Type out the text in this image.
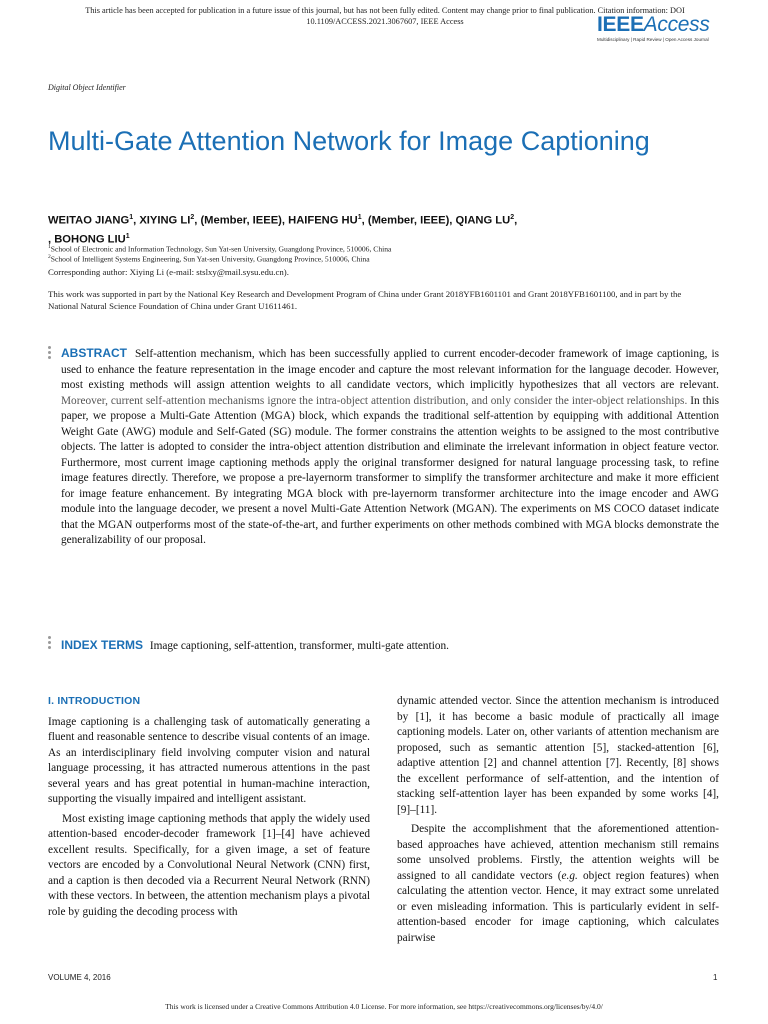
This article has been accepted for publication in a future issue of this journal, but has not been fully edited. Content may change prior to final publication. Citation information: DOI
10.1109/ACCESS.2021.3067607, IEEE Access	IEEEAccess
Multidisciplinary | Rapid Review | Open Access Journal
Digital Object Identifier
Multi-Gate Attention Network for Image Captioning
WEITAO JIANG$^1$, XIYING $LI^2$, (Member, IEEE), HAIFENG $HU^1$, (Member, IEEE), QIANG $LU^2$,
, BOHONG LIU$^1$
$^1$School of Electronic and Information Technology, Sun Yat-sen University, Guangdong Province, 510006, China
$^2$School of Intelligent Systems Engineering, Sun Yat-sen University, Guangdong Province, 510006, China
Corresponding author: Xiying Li (e-mail: stslxy@mail.sysu.edu.cn).
This work was supported in part by the National Key Research and Development Program of China under Grant 2018YFB1601101 and Grant 2018YFB1601100, and in part by the National Natural Science Foundation of China under Grant U1611461.
ABSTRACT Self-attention mechanism, which has been successfully applied to current encoder-decoder framework of image captioning, is used to enhance the feature representation in the image encoder and capture the most relevant information for the language decoder. However, most existing methods will assign attention weights to all candidate vectors, which implicitly hypothesizes that all vectors are relevant. Moreover, current self-attention mechanisms ignore the intra-object attention distribution, and only consider the inter-object relationships. In this paper, we propose a Multi-Gate Attention (MGA) block, which expands the traditional self-attention by equipping with additional Attention Weight Gate (AWG) module and Self-Gated (SG) module. The former constrains the attention weights to be assigned to the most contributive objects. The latter is adopted to consider the intra-object attention distribution and eliminate the irrelevant information in object feature vector. Furthermore, most current image captioning methods apply the original transformer designed for natural language processing task, to refine image features directly. Therefore, we propose a pre-layernorm transformer to simplify the transformer architecture and make it more efficient for image feature enhancement. By integrating MGA block with pre-layernorm transformer architecture into the image encoder and AWG module into the language decoder, we present a novel Multi-Gate Attention Network (MGAN). The experiments on MS COCO dataset indicate that the MGAN outperforms most of the state-of-the-art, and further experiments on other methods combined with MGA blocks demonstrate the generalizability of our proposal.
INDEX TERMS Image captioning, self-attention, transformer, multi-gate attention.
I. INTRODUCTION

Image captioning is a challenging task of automatically generating a fluent and reasonable sentence to describe visual contents of an image. As an interdisciplinary field involving computer vision and natural language processing, it has attracted numerous attentions in the past several years and has great potential in human-machine interaction, supporting the visually impaired and intelligent assistant.

Most existing image captioning methods that apply the widely used attention-based encoder-decoder framework [1]–[4] have achieved excellent results. Specifically, for a given image, a set of feature vectors are encoded by a Convolutional Neural Network (CNN) first, and a caption is then decoded via a Recurrent Neural Network (RNN) with these vectors. In between, the attention mechanism plays a pivotal role by guiding the decoding process with

dynamic attended vector. Since the attention mechanism is introduced by [1], it has become a basic module of practically all image captioning models. Later on, other variants of attention mechanism are proposed, such as semantic attention [5], stacked-attention [6], adaptive attention [2] and channel attention [7]. Recently, [8] shows the excellent performance of self-attention, and the intention of stacking self-attention layer has been expanded by some works [4], [9]–[11].

Despite the accomplishment that the aforementioned attention-based approaches have achieved, attention mechanism still remains some unsolved problems. Firstly, the attention weights will be assigned to all candidate vectors (e.g. object region features) when calculating the attention vector. Hence, it may extract some unrelated or even misleading information. This is particularly evident in self-attention-based encoder for image captioning, which calculates pairwise

VOLUME 4, 2016	1
This work is licensed under a Creative Commons Attribution 4.0 License. For more information, see https://creativecommons.org/licenses/by/4.0/
